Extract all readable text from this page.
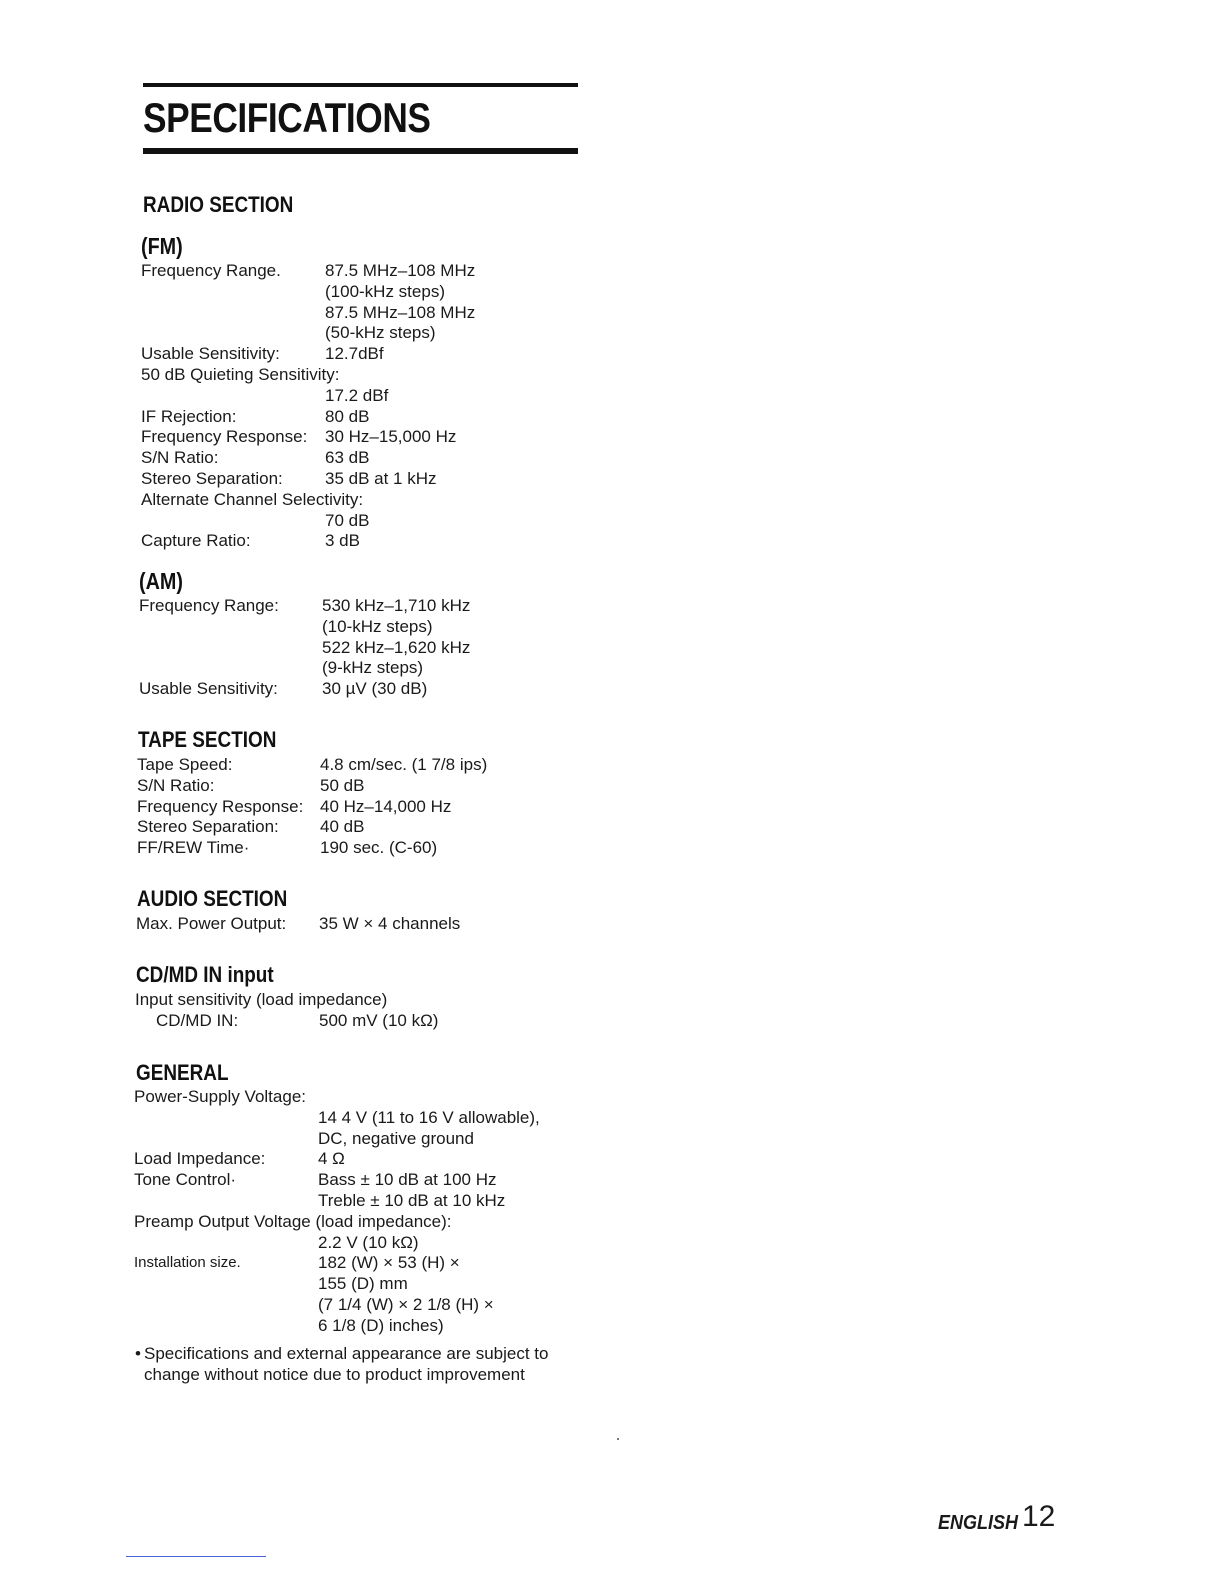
SPECIFICATIONS
RADIO SECTION
(FM)
Frequency Range.	87.5 MHz–108 MHz
(100-kHz steps)
87.5 MHz–108 MHz
(50-kHz steps)
Usable Sensitivity:	12.7dBf
50 dB Quieting Sensitivity:
17.2 dBf
IF Rejection:	80 dB
Frequency Response:	30 Hz–15,000 Hz
S/N Ratio:	63 dB
Stereo Separation:	35 dB at 1 kHz
Alternate Channel Selectivity:
70 dB
Capture Ratio:	3 dB
(AM)
Frequency Range:	530 kHz–1,710 kHz
(10-kHz steps)
522 kHz–1,620 kHz
(9-kHz steps)
Usable Sensitivity:	30 µV (30 dB)
TAPE SECTION
Tape Speed:	4.8 cm/sec. (1 7/8 ips)
S/N Ratio:	50 dB
Frequency Response: 40 Hz–14,000 Hz
Stereo Separation:	40 dB
FF/REW Time·	190 sec. (C-60)
AUDIO SECTION
Max. Power Output:	35 W × 4 channels
CD/MD IN input
Input sensitivity (load impedance)
CD/MD IN:	500 mV (10 kΩ)
GENERAL
Power-Supply Voltage:
14 4 V (11 to 16 V allowable),
DC, negative ground
Load Impedance:	4 Ω
Tone Control·	Bass ± 10 dB at 100 Hz
Treble ± 10 dB at 10 kHz
Preamp Output Voltage (load impedance):
2.2 V (10 kΩ)
Installation size.	182 (W) × 53 (H) ×
155 (D) mm
(7 1/4 (W) × 2 1/8 (H) ×
6 1/8 (D) inches)
• Specifications and external appearance are subject to
change without notice due to product improvement
ENGLISH 12
